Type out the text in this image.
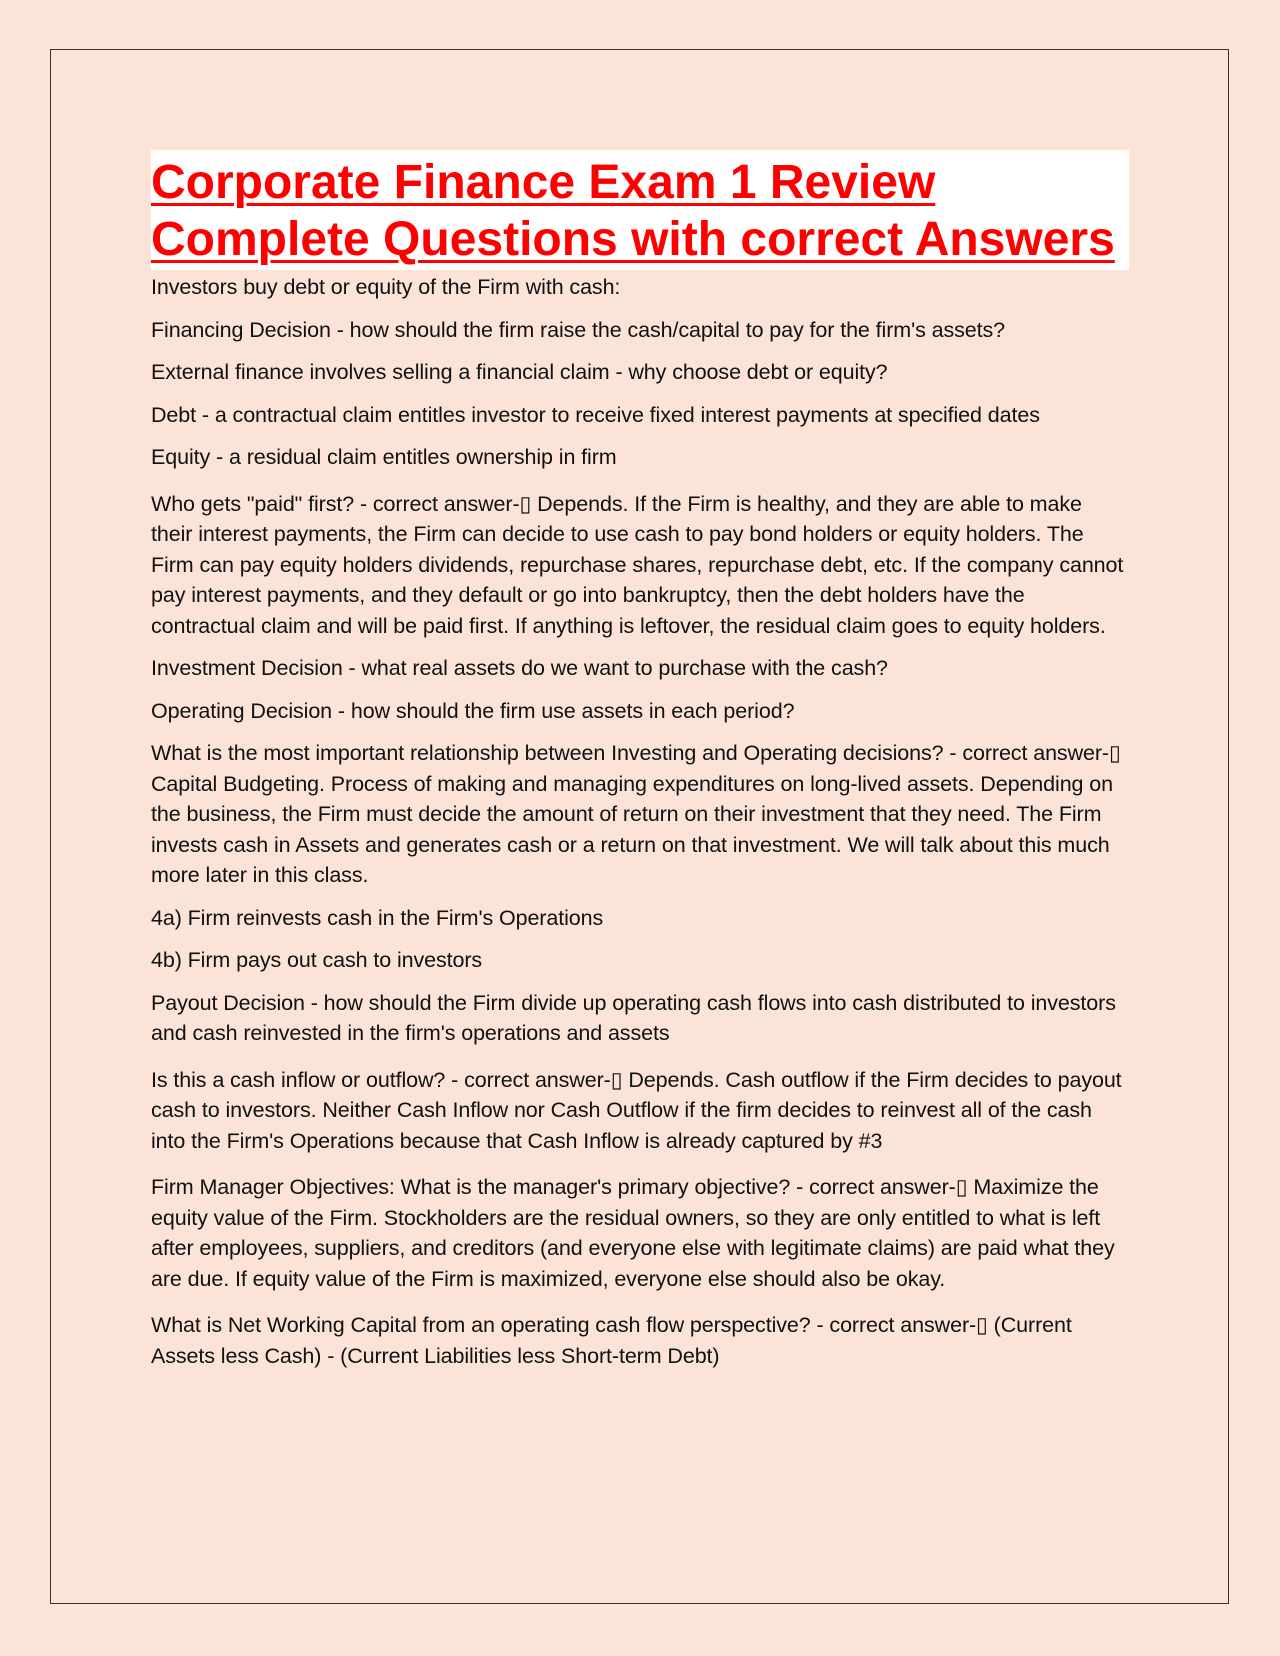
Corporate Finance Exam 1 Review Complete Questions with correct Answers

Investors buy debt or equity of the Firm with cash:

Financing Decision - how should the firm raise the cash/capital to pay for the firm's assets?

External finance involves selling a financial claim - why choose debt or equity?

Debt - a contractual claim entitles investor to receive fixed interest payments at specified dates

Equity - a residual claim entitles ownership in firm

Who gets "paid" first? - correct answer-▯ Depends. If the Firm is healthy, and they are able to make their interest payments, the Firm can decide to use cash to pay bond holders or equity holders. The Firm can pay equity holders dividends, repurchase shares, repurchase debt, etc. If the company cannot pay interest payments, and they default or go into bankruptcy, then the debt holders have the contractual claim and will be paid first. If anything is leftover, the residual claim goes to equity holders.

Investment Decision - what real assets do we want to purchase with the cash?

Operating Decision - how should the firm use assets in each period?

What is the most important relationship between Investing and Operating decisions? - correct answer-▯ Capital Budgeting. Process of making and managing expenditures on long-lived assets. Depending on the business, the Firm must decide the amount of return on their investment that they need. The Firm invests cash in Assets and generates cash or a return on that investment. We will talk about this much more later in this class.

4a) Firm reinvests cash in the Firm's Operations

4b) Firm pays out cash to investors

Payout Decision - how should the Firm divide up operating cash flows into cash distributed to investors and cash reinvested in the firm's operations and assets

Is this a cash inflow or outflow? - correct answer-▯ Depends. Cash outflow if the Firm decides to payout cash to investors. Neither Cash Inflow nor Cash Outflow if the firm decides to reinvest all of the cash into the Firm's Operations because that Cash Inflow is already captured by #3

Firm Manager Objectives: What is the manager's primary objective? - correct answer-▯ Maximize the equity value of the Firm. Stockholders are the residual owners, so they are only entitled to what is left after employees, suppliers, and creditors (and everyone else with legitimate claims) are paid what they are due. If equity value of the Firm is maximized, everyone else should also be okay.

What is Net Working Capital from an operating cash flow perspective? - correct answer-▯ (Current Assets less Cash) - (Current Liabilities less Short-term Debt)
